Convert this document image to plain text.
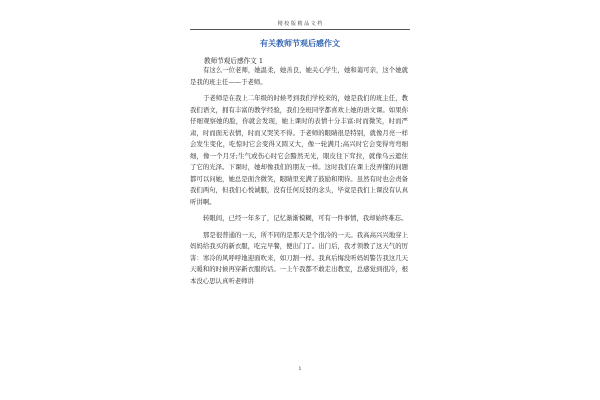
精 校 版 精 品 文 档
有关教师节观后感作文
教师节观后感作文 1

有这么一位老师，她温柔，她善良，她关心学生，她和蔼可亲，这个她就是我的班主任——于老师。

于老师是在我上二年级的时候考到我们学校来的，她是我们的班主任，教我们语文，拥有丰富的教学经验，我们全班同学都喜欢上她的语文课。如果你仔细观察她的脸，你就会发现，她上课时的表情十分丰富:时而微笑，时而严肃，时而面无表情，时而又哭笑不得。于老师的眼睛很是特别，就像月亮一样会发生变化，吃惊时它会变得又圆又大，像一轮满月;高兴时它会变得弯弯细细，像一个月牙;生气或伤心时它会黯然无光，眼皮往下耷拉，就像乌云遮住了它的光泽。下课时，她却像我们的朋友一样。这时我们在课上没弄懂的问题都可以问她，她总是面含微笑，眼睛里充满了鼓励和期待。虽然有时也会责备我们两句，但我们心悦诚服，没有任何反驳的念头，毕竟是我们上课没有认真听讲啊。

转眼间，已经一年多了，记忆渐渐模糊，可有一件事情，我却始终难忘。

那是很普通的一天，所不同的是那天是个很冷的一天。我高高兴兴地穿上妈妈给我买的新衣服，吃完早餐，便出门了。出门后，我才领教了这天气的厉害：寒冷的风呼呼地迎面吹来，如刀割一样。我真后悔没听妈妈警告我这几天天暖和的时候再穿新衣服的话。一上午我都不敢走出教室，总感觉到很冷，根本没心思认真听老师讲

1
